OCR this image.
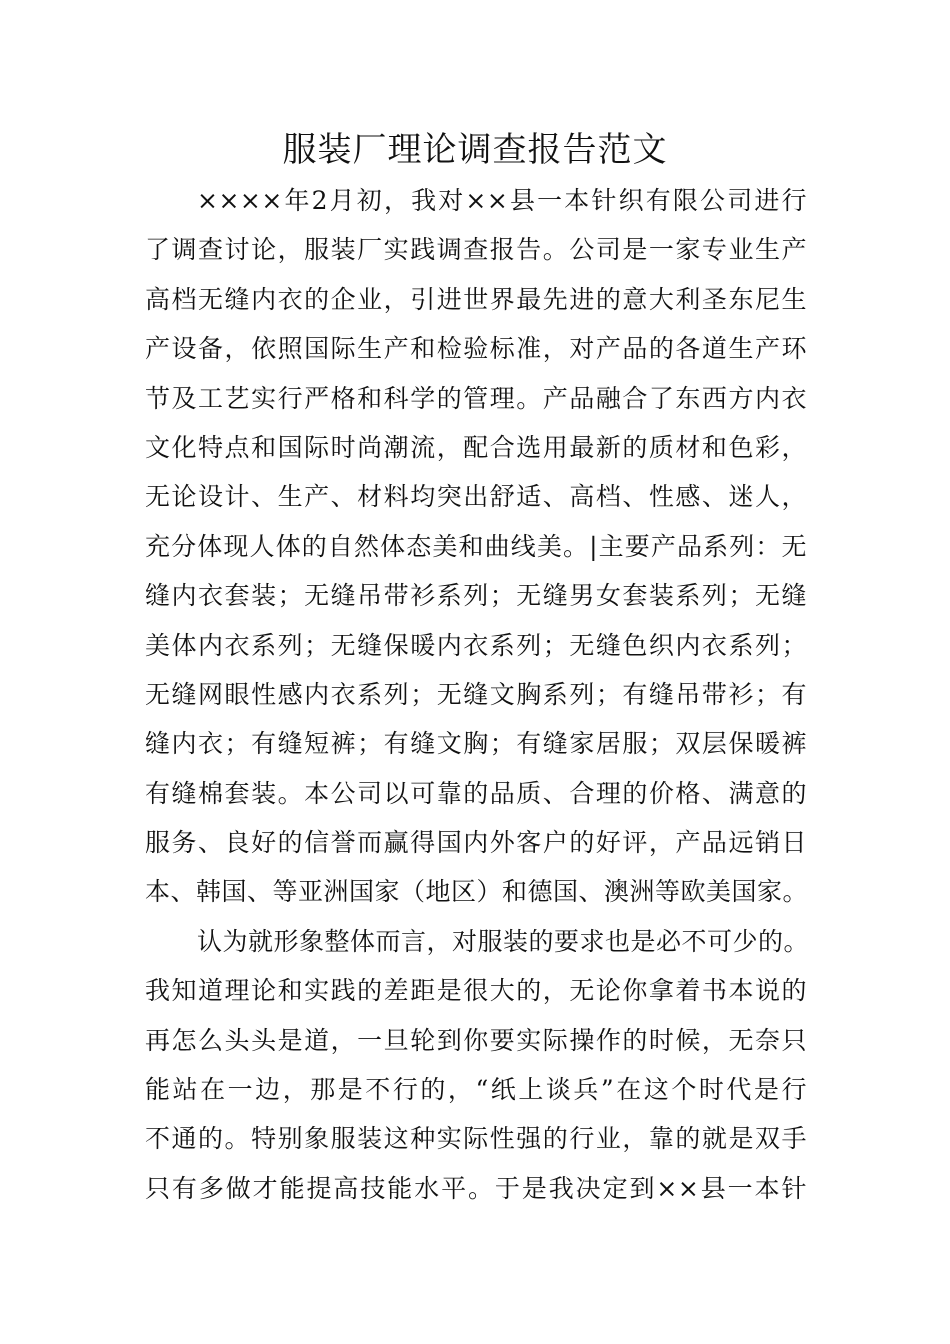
服装厂理论调查报告范文
××××年2月初，我对××县一本针织有限公司进行
了调查讨论，服装厂实践调查报告。公司是一家专业生产
高档无缝内衣的企业，引进世界最先进的意大利圣东尼生
产设备，依照国际生产和检验标准，对产品的各道生产环
节及工艺实行严格和科学的管理。产品融合了东西方内衣
文化特点和国际时尚潮流，配合选用最新的质材和色彩，
无论设计、生产、材料均突出舒适、高档、性感、迷人，
充分体现人体的自然体态美和曲线美。|主要产品系列：无
缝内衣套装；无缝吊带衫系列；无缝男女套装系列；无缝
美体内衣系列；无缝保暖内衣系列；无缝色织内衣系列；
无缝网眼性感内衣系列；无缝文胸系列；有缝吊带衫；有
缝内衣；有缝短裤；有缝文胸；有缝家居服；双层保暖裤
有缝棉套装。本公司以可靠的品质、合理的价格、满意的
服务、良好的信誉而赢得国内外客户的好评，产品远销日
本、韩国、等亚洲国家（地区）和德国、澳洲等欧美国家。
认为就形象整体而言，对服装的要求也是必不可少的。
我知道理论和实践的差距是很大的，无论你拿着书本说的
再怎么头头是道，一旦轮到你要实际操作的时候，无奈只
能站在一边，那是不行的，“纸上谈兵”在这个时代是行
不通的。特别象服装这种实际性强的行业，靠的就是双手
只有多做才能提高技能水平。于是我决定到××县一本针
